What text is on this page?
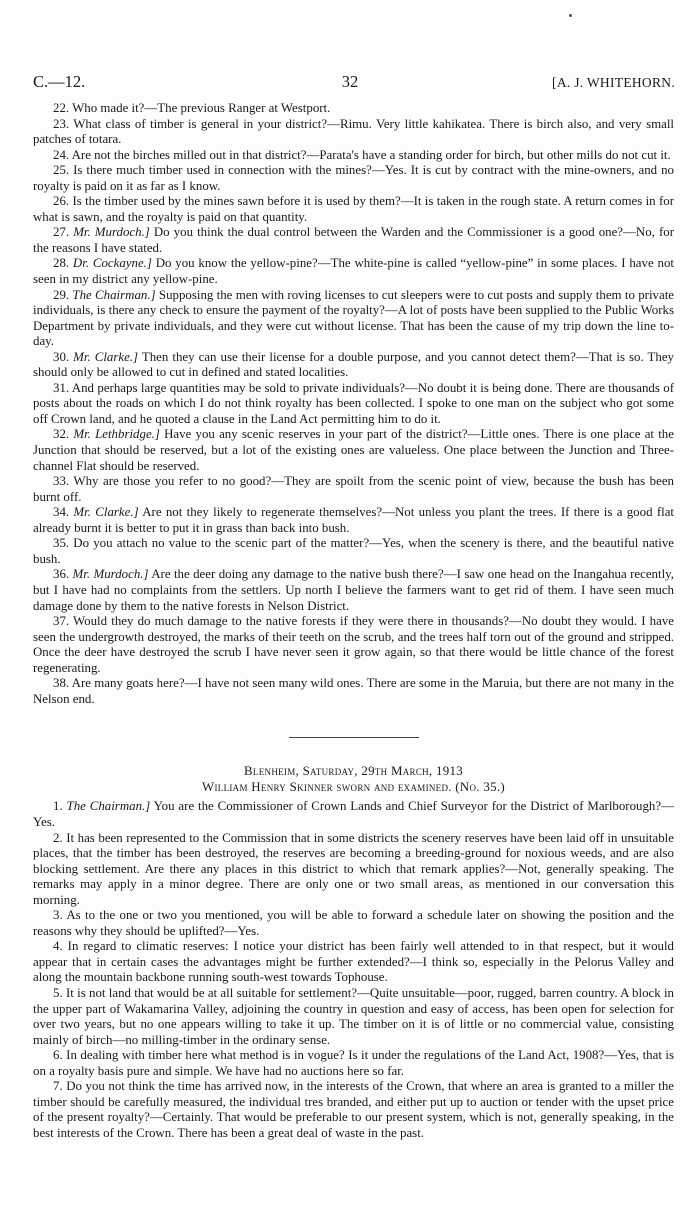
C.—12.	32	[A. J. WHITEHORN.

22. Who made it?—The previous Ranger at Westport.

23. What class of timber is general in your district?—Rimu. Very little kahikatea. There is birch also, and very small patches of totara.

24. Are not the birches milled out in that district?—Parata's have a standing order for birch, but other mills do not cut it.

25. Is there much timber used in connection with the mines?—Yes. It is cut by contract with the mine-owners, and no royalty is paid on it as far as I know.

26. Is the timber used by the mines sawn before it is used by them?—It is taken in the rough state. A return comes in for what is sawn, and the royalty is paid on that quantity.

27. Mr. Murdoch.] Do you think the dual control between the Warden and the Commissioner is a good one?—No, for the reasons I have stated.

28. Dr. Cockayne.] Do you know the yellow-pine?—The white-pine is called “yellow-pine” in some places. I have not seen in my district any yellow-pine.

29. The Chairman.] Supposing the men with roving licenses to cut sleepers were to cut posts and supply them to private individuals, is there any check to ensure the payment of the royalty?—A lot of posts have been supplied to the Public Works Department by private individuals, and they were cut without license. That has been the cause of my trip down the line to-day.

30. Mr. Clarke.] Then they can use their license for a double purpose, and you cannot detect them?—That is so. They should only be allowed to cut in defined and stated localities.

31. And perhaps large quantities may be sold to private individuals?—No doubt it is being done. There are thousands of posts about the roads on which I do not think royalty has been collected. I spoke to one man on the subject who got some off Crown land, and he quoted a clause in the Land Act permitting him to do it.

32. Mr. Lethbridge.] Have you any scenic reserves in your part of the district?—Little ones. There is one place at the Junction that should be reserved, but a lot of the existing ones are valueless. One place between the Junction and Three-channel Flat should be reserved.

33. Why are those you refer to no good?—They are spoilt from the scenic point of view, because the bush has been burnt off.

34. Mr. Clarke.] Are not they likely to regenerate themselves?—Not unless you plant the trees. If there is a good flat already burnt it is better to put it in grass than back into bush.

35. Do you attach no value to the scenic part of the matter?—Yes, when the scenery is there, and the beautiful native bush.

36. Mr. Murdoch.] Are the deer doing any damage to the native bush there?—I saw one head on the Inangahua recently, but I have had no complaints from the settlers. Up north I believe the farmers want to get rid of them. I have seen much damage done by them to the native forests in Nelson District.

37. Would they do much damage to the native forests if they were there in thousands?—No doubt they would. I have seen the undergrowth destroyed, the marks of their teeth on the scrub, and the trees half torn out of the ground and stripped. Once the deer have destroyed the scrub I have never seen it grow again, so that there would be little chance of the forest regenerating.

38. Are many goats here?—I have not seen many wild ones. There are some in the Maruia, but there are not many in the Nelson end.

Blenheim, Saturday, 29th March, 1913

William Henry Skinner sworn and examined. (No. 35.)

1. The Chairman.] You are the Commissioner of Crown Lands and Chief Surveyor for the District of Marlborough?—Yes.

2. It has been represented to the Commission that in some districts the scenery reserves have been laid off in unsuitable places, that the timber has been destroyed, the reserves are becoming a breeding-ground for noxious weeds, and are also blocking settlement. Are there any places in this district to which that remark applies?—Not, generally speaking. The remarks may apply in a minor degree. There are only one or two small areas, as mentioned in our conversation this morning.

3. As to the one or two you mentioned, you will be able to forward a schedule later on showing the position and the reasons why they should be uplifted?—Yes.

4. In regard to climatic reserves: I notice your district has been fairly well attended to in that respect, but it would appear that in certain cases the advantages might be further extended?—I think so, especially in the Pelorus Valley and along the mountain backbone running south-west towards Tophouse.

5. It is not land that would be at all suitable for settlement?—Quite unsuitable—poor, rugged, barren country. A block in the upper part of Wakamarina Valley, adjoining the country in question and easy of access, has been open for selection for over two years, but no one appears willing to take it up. The timber on it is of little or no commercial value, consisting mainly of birch—no milling-timber in the ordinary sense.

6. In dealing with timber here what method is in vogue? Is it under the regulations of the Land Act, 1908?—Yes, that is on a royalty basis pure and simple. We have had no auctions here so far.

7. Do you not think the time has arrived now, in the interests of the Crown, that where an area is granted to a miller the timber should be carefully measured, the individual tres branded, and either put up to auction or tender with the upset price of the present royalty?—Certainly. That would be preferable to our present system, which is not, generally speaking, in the best interests of the Crown. There has been a great deal of waste in the past.
